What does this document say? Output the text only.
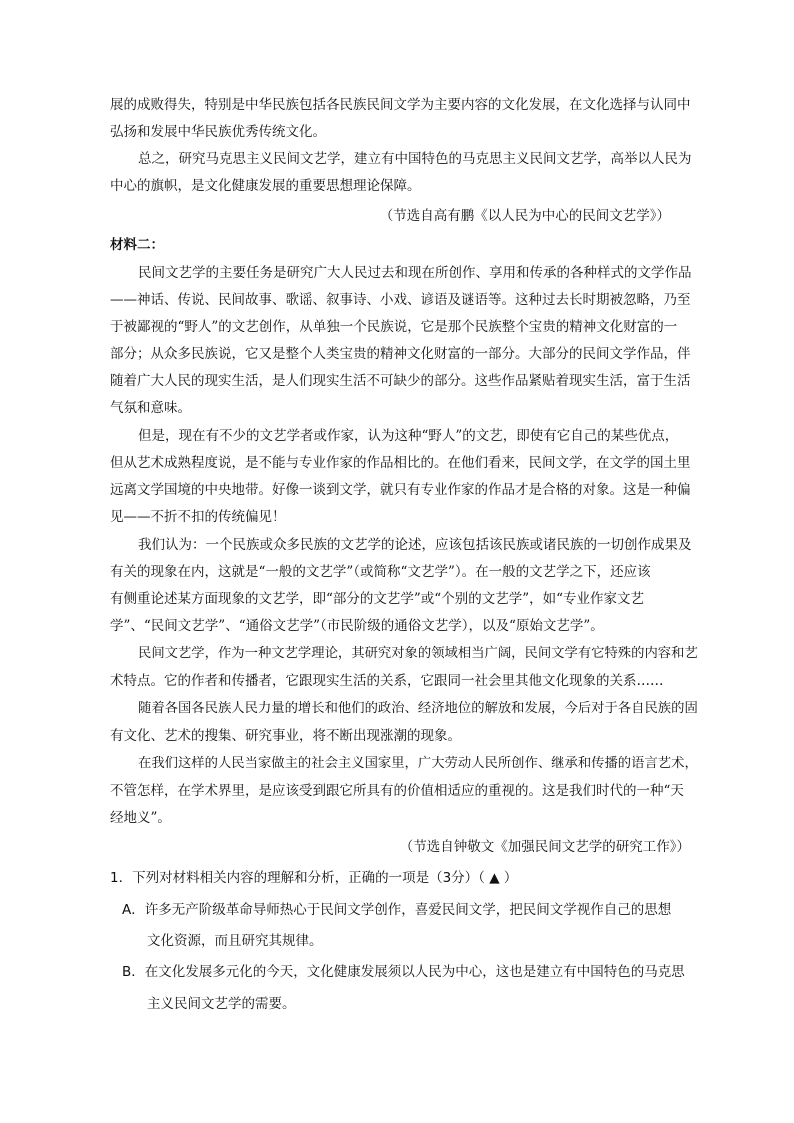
展的成败得失，特别是中华民族包括各民族民间文学为主要内容的文化发展，在文化选择与认同中

弘扬和发展中华民族优秀传统文化。

总之，研究马克思主义民间文艺学，建立有中国特色的马克思主义民间文艺学，高举以人民为

中心的旗帜，是文化健康发展的重要思想理论保障。

（节选自高有鹏《以人民为中心的民间文艺学》）

材料二：

民间文艺学的主要任务是研究广大人民过去和现在所创作、享用和传承的各种样式的文学作品

——神话、传说、民间故事、歌谣、叙事诗、小戏、谚语及谜语等。这种过去长时期被忽略，乃至

于被鄙视的“野人”的文艺创作，从单独一个民族说，它是那个民族整个宝贵的精神文化财富的一

部分；从众多民族说，它又是整个人类宝贵的精神文化财富的一部分。大部分的民间文学作品，伴

随着广大人民的现实生活，是人们现实生活不可缺少的部分。这些作品紧贴着现实生活，富于生活

气氛和意味。

但是，现在有不少的文艺学者或作家，认为这种“野人”的文艺，即使有它自己的某些优点，

但从艺术成熟程度说，是不能与专业作家的作品相比的。在他们看来，民间文学，在文学的国土里

远离文学国境的中央地带。好像一谈到文学，就只有专业作家的作品才是合格的对象。这是一种偏

见——不折不扣的传统偏见！

我们认为：一个民族或众多民族的文艺学的论述，应该包括该民族或诸民族的一切创作成果及

有关的现象在内，这就是“一般的文艺学”（或简称“文艺学”）。在一般的文艺学之下，还应该

有侧重论述某方面现象的文艺学，即“部分的文艺学”或“个别的文艺学”，如“专业作家文艺

学”、“民间文艺学”、“通俗文艺学”（市民阶级的通俗文艺学），以及“原始文艺学”。

民间文艺学，作为一种文艺学理论，其研究对象的领域相当广阔，民间文学有它特殊的内容和艺

术特点。它的作者和传播者，它跟现实生活的关系，它跟同一社会里其他文化现象的关系……

随着各国各民族人民力量的增长和他们的政治、经济地位的解放和发展，今后对于各自民族的固

有文化、艺术的搜集、研究事业，将不断出现涨潮的现象。

在我们这样的人民当家做主的社会主义国家里，广大劳动人民所创作、继承和传播的语言艺术，

不管怎样，在学术界里，是应该受到跟它所具有的价值相适应的重视的。这是我们时代的一种“天

经地义”。

（节选自钟敬文《加强民间文艺学的研究工作》）

1．下列对材料相关内容的理解和分析，正确的一项是（3分）（ ▲ ）

A．许多无产阶级革命导师热心于民间文学创作，喜爱民间文学，把民间文学视作自己的思想

文化资源，而且研究其规律。

B．在文化发展多元化的今天，文化健康发展须以人民为中心，这也是建立有中国特色的马克思

主义民间文艺学的需要。
